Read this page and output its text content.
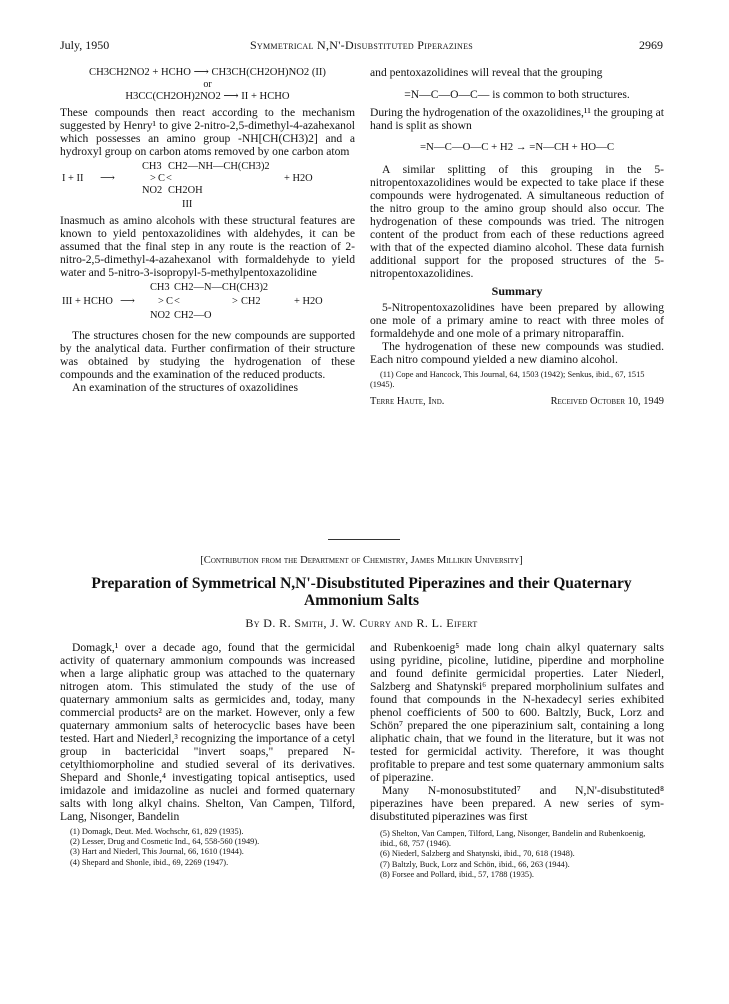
July, 1950	Symmetrical N,N'-Disubstituted Piperazines	2969
CH3CH2NO2 + HCHO ⟶ CH3CH(CH2OH)NO2 (II)
or
H3CC(CH2OH)2NO2 ⟶ II + HCHO

These compounds then react according to the mechanism suggested by Henry¹ to give 2-nitro-2,5-dimethyl-4-azahexanol which possesses an amino group -NH[CH(CH3)2] and a hydroxyl group on carbon atoms removed by one carbon atom

CH3 CH2—NH—CH(CH3)2
I + II ⟶	> C <	+ H2O
NO2 CH2OH
III

Inasmuch as amino alcohols with these structural features are known to yield pentoxazolidines with aldehydes, it can be assumed that the final step in any route is the reaction of 2-nitro-2,5-dimethyl-4-azahexanol with formaldehyde to yield water and 5-nitro-3-isopropyl-5-methylpentoxazolidine

CH3 CH2—N—CH(CH3)2
III + HCHO ⟶ > C <	> CH2	+ H2O
NO2 CH2—O

The structures chosen for the new compounds are supported by the analytical data. Further confirmation of their structure was obtained by studying the hydrogenation of these compounds and the examination of the reduced products.

An examination of the structures of oxazolidines

and pentoxazolidines will reveal that the grouping

=N—C—O—C— is common to both structures.

During the hydrogenation of the oxazolidines,¹¹ the grouping at hand is split as shown

=N—C—O—C + H2 → =N—CH + HO—C

A similar splitting of this grouping in the 5-nitropentoxazolidines would be expected to take place if these compounds were hydrogenated. A simultaneous reduction of the nitro group to the amino group should also occur. The hydrogenation of these compounds was tried. The nitrogen content of the product from each of these reductions agreed with that of the expected diamino alcohol. These data furnish additional support for the proposed structures of the 5-nitropentoxazolidines.

Summary

5-Nitropentoxazolidines have been prepared by allowing one mole of a primary amine to react with three moles of formaldehyde and one mole of a primary nitroparaffin.

The hydrogenation of these new compounds was studied. Each nitro compound yielded a new diamino alcohol.

(11) Cope and Hancock, This Journal, 64, 1503 (1942); Senkus, ibid., 67, 1515 (1945).
Terre Haute, Ind.	Received October 10, 1949
[Contribution from the Department of Chemistry, James Millikin University]
Preparation of Symmetrical N,N'-Disubstituted Piperazines and their Quaternary
Ammonium Salts
By D. R. Smith, J. W. Curry and R. L. Eifert

Domagk,¹ over a decade ago, found that the germicidal activity of quaternary ammonium compounds was increased when a large aliphatic group was attached to the quaternary nitrogen atom. This stimulated the study of the use of quaternary ammonium salts as germicides and, today, many commercial products² are on the market. However, only a few quaternary ammonium salts of heterocyclic bases have been tested. Hart and Niederl,³ recognizing the importance of a cetyl group in bactericidal "invert soaps," prepared N-cetylthiomorpholine and studied several of its derivatives. Shepard and Shonle,⁴ investigating topical antiseptics, used imidazole and imidazoline as nuclei and formed quaternary salts with long alkyl chains. Shelton, Van Campen, Tilford, Lang, Nisonger, Bandelin

(1) Domagk, Deut. Med. Wochschr, 61, 829 (1935).
(2) Lesser, Drug and Cosmetic Ind., 64, 558-560 (1949).
(3) Hart and Niederl, This Journal, 66, 1610 (1944).
(4) Shepard and Shonle, ibid., 69, 2269 (1947).

and Rubenkoenig⁵ made long chain alkyl quaternary salts using pyridine, picoline, lutidine, piperdine and morpholine and found definite germicidal properties. Later Niederl, Salzberg and Shatynski⁶ prepared morpholinium sulfates and found that compounds in the N-hexadecyl series exhibited phenol coefficients of 500 to 600. Baltzly, Buck, Lorz and Schön⁷ prepared the one piperazinium salt, containing a long aliphatic chain, that we found in the literature, but it was not tested for germicidal activity. Therefore, it was thought profitable to prepare and test some quaternary ammonium salts of piperazine.

Many N-monosubstituted⁷ and N,N'-disubstituted⁸ piperazines have been prepared. A new series of sym-disubstituted piperazines was first

(5) Shelton, Van Campen, Tilford, Lang, Nisonger, Bandelin and Rubenkoenig, ibid., 68, 757 (1946).
(6) Niederl, Salzberg and Shatynski, ibid., 70, 618 (1948).
(7) Baltzly, Buck, Lorz and Schön, ibid., 66, 263 (1944).
(8) Forsee and Pollard, ibid., 57, 1788 (1935).
